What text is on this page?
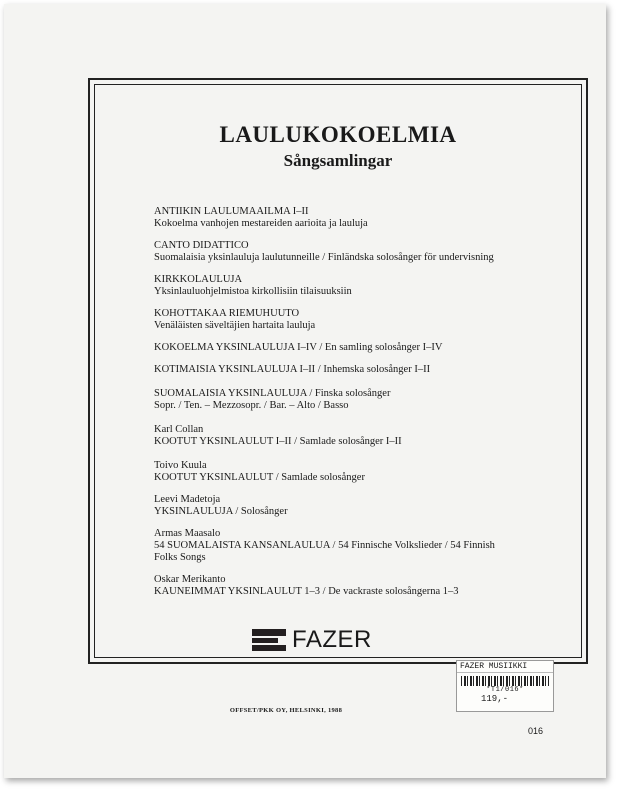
LAULUKOKOELMIA
Sångsamlingar
ANTIIKIN LAULUMAAILMA I–II
Kokoelma vanhojen mestareiden aarioita ja lauluja
CANTO DIDATTICO
Suomalaisia yksinlauluja laulutunneille / Finländska solosånger för undervisning
KIRKKOLAULUJA
Yksinlauluohjelmistoa kirkollisiin tilaisuuksiin
KOHOTTAKAA RIEMUHUUTO
Venäläisten säveltäjien hartaita lauluja
KOKOELMA YKSINLAULUJA I–IV / En samling solosånger I–IV
KOTIMAISIA YKSINLAULUJA I–II / Inhemska solosånger I–II
SUOMALAISIA YKSINLAULUJA / Finska solosånger
Sopr. / Ten. – Mezzosopr. / Bar. – Alto / Basso
Karl Collan
KOOTUT YKSINLAULUT I–II / Samlade solosånger I–II
Toivo Kuula
KOOTUT YKSINLAULUT / Samlade solosånger
Leevi Madetoja
YKSINLAULUJA / Solosånger
Armas Maasalo
54 SUOMALAISTA KANSANLAULUA / 54 Finnische Volkslieder / 54 Finnish
Folks Songs
Oskar Merikanto
KAUNEIMMAT YKSINLAULUT 1–3 / De vackraste solosångerna 1–3
FAZER
OFFSET/PKK OY, HELSINKI, 1988
FAZER MUSIIKKI
*T1/016*
119,-
016
